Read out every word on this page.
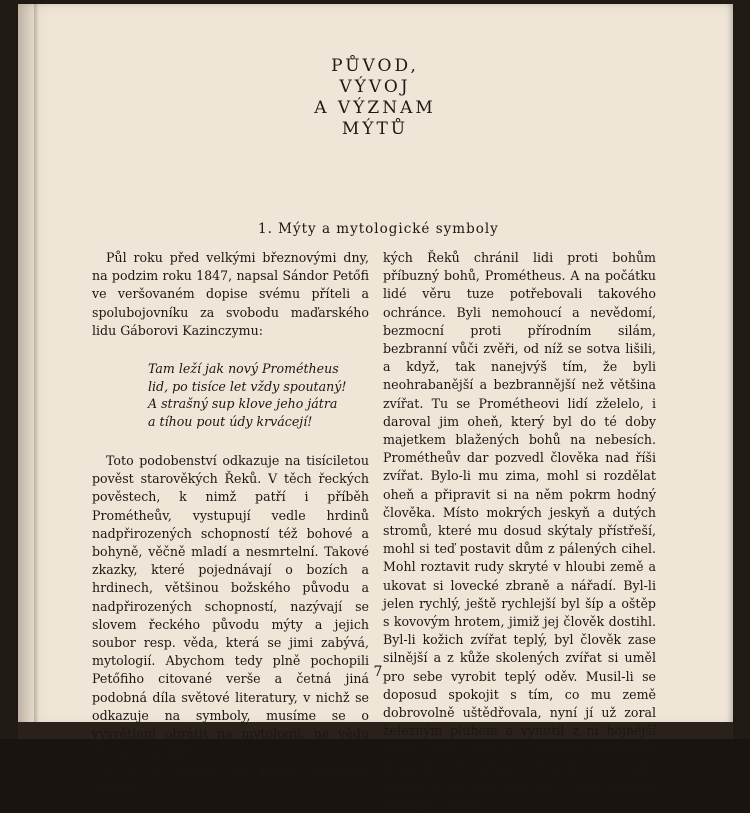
PŮVOD,
VÝVOJ
A VÝZNAM
MÝTŮ
1. Mýty a mytologické symboly

Půl roku před velkými březnovými dny, na podzim roku 1847, napsal Sándor Petőfi ve veršovaném dopise svému příteli a spolubojovníku za svobodu maďarského lidu Gáborovi Kazinczymu:

Tam leží jak nový Prométheus
lid, po tisíce let vždy spoutaný!
A strašný sup klove jeho játra
a tíhou pout údy krvácejí!

Toto podobenství odkazuje na tisíciletou pověst starověkých Řeků. V těch řeckých pověstech, k nimž patří i příběh Prométheův, vystupují vedle hrdinů nadpřirozených schopností též bohové a bohyně, věčně mladí a nesmrtelní. Takové zkazky, které pojednávají o bozích a hrdinech, většinou božského původu a nadpřirozených schopností, nazývají se slovem řeckého původu mýty a jejich soubor resp. věda, která se jimi zabývá, mytologií. Abychom tedy plně pochopili Petőfiho citované verše a četná jiná podobná díla světové literatury, v nichž se odkazuje na symboly, musíme se o vysvětlení obrátit na mytologii, na vědu obírající se mýty.

Z ní se dovíme, že podle představy starově-

kých Řeků chránil lidi proti bohům příbuzný bohů, Prométheus. A na počátku lidé věru tuze potřebovali takového ochránce. Byli nemohoucí a nevědomí, bezmocní proti přírodním silám, bezbranní vůči zvěři, od níž se sotva lišili, a když, tak nanejvýš tím, že byli neohrabanější a bezbrannější než většina zvířat. Tu se Prométheovi lidí zželelo, i daroval jim oheň, který byl do té doby majetkem blažených bohů na nebesích. Prométheův dar pozvedl člověka nad říši zvířat. Bylo-li mu zima, mohl si rozdělat oheň a připravit si na něm pokrm hodný člověka. Místo mokrých jeskyň a dutých stromů, které mu dosud skýtaly přístřeší, mohl si teď postavit dům z pálených cihel. Mohl roztavit rudy skryté v hloubi země a ukovat si lovecké zbraně a nářadí. Byl-li jelen rychlý, ještě rychlejší byl šíp a oštěp s kovovým hrotem, jimiž jej člověk dostihl. Byl-li kožich zvířat teplý, byl člověk zase silnější a z kůže skolených zvířat si uměl pro sebe vyrobit teplý oděv. Musil-li se doposud spokojit s tím, co mu země dobrovolně uštědřovala, nyní jí už zoral železným pluhem a vynutil z ní hojnější úrodu. Díky ohni se rozvinula rozmanitá řemesla. Kovářské řemeslo vyrobilo zbraně a nářadí, hrnčířství větší hliněné nádoby, v nichž

7
